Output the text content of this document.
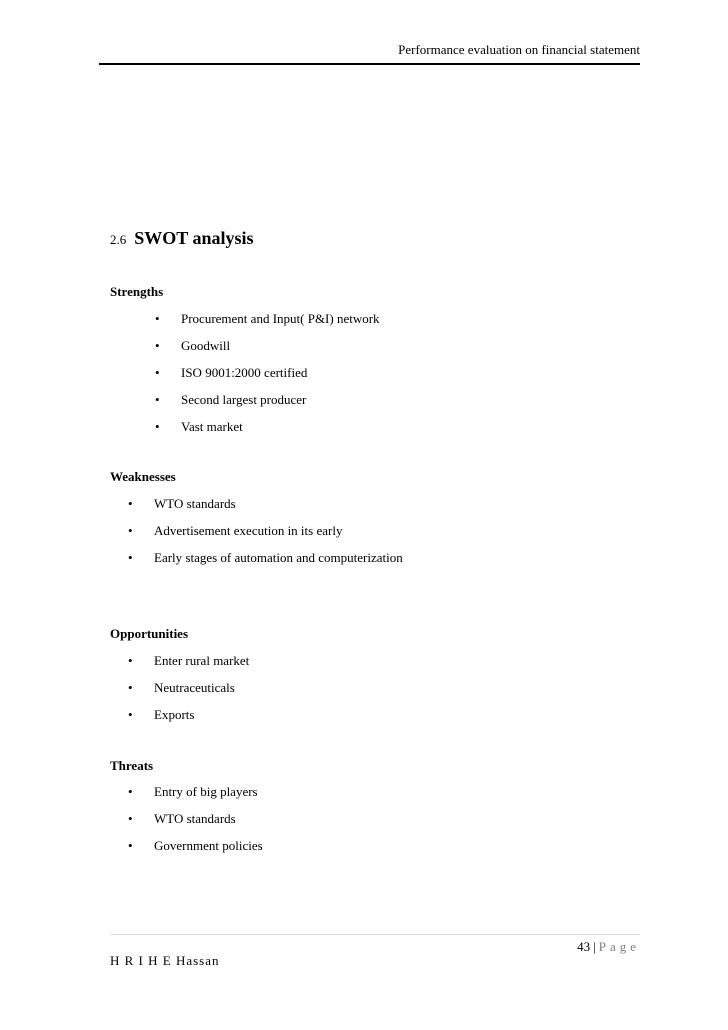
Performance evaluation on financial statement
2.6 SWOT analysis
Strengths
• Procurement and Input( P&I) network
• Goodwill
• ISO 9001:2000 certified
• Second largest producer
• Vast market
Weaknesses
• WTO standards
• Advertisement execution in its early
• Early stages of automation and computerization
Opportunities
• Enter rural market
• Neutraceuticals
• Exports
Threats
• Entry of big players
• WTO standards
• Government policies
43 | Page
H R I H E Hassan
